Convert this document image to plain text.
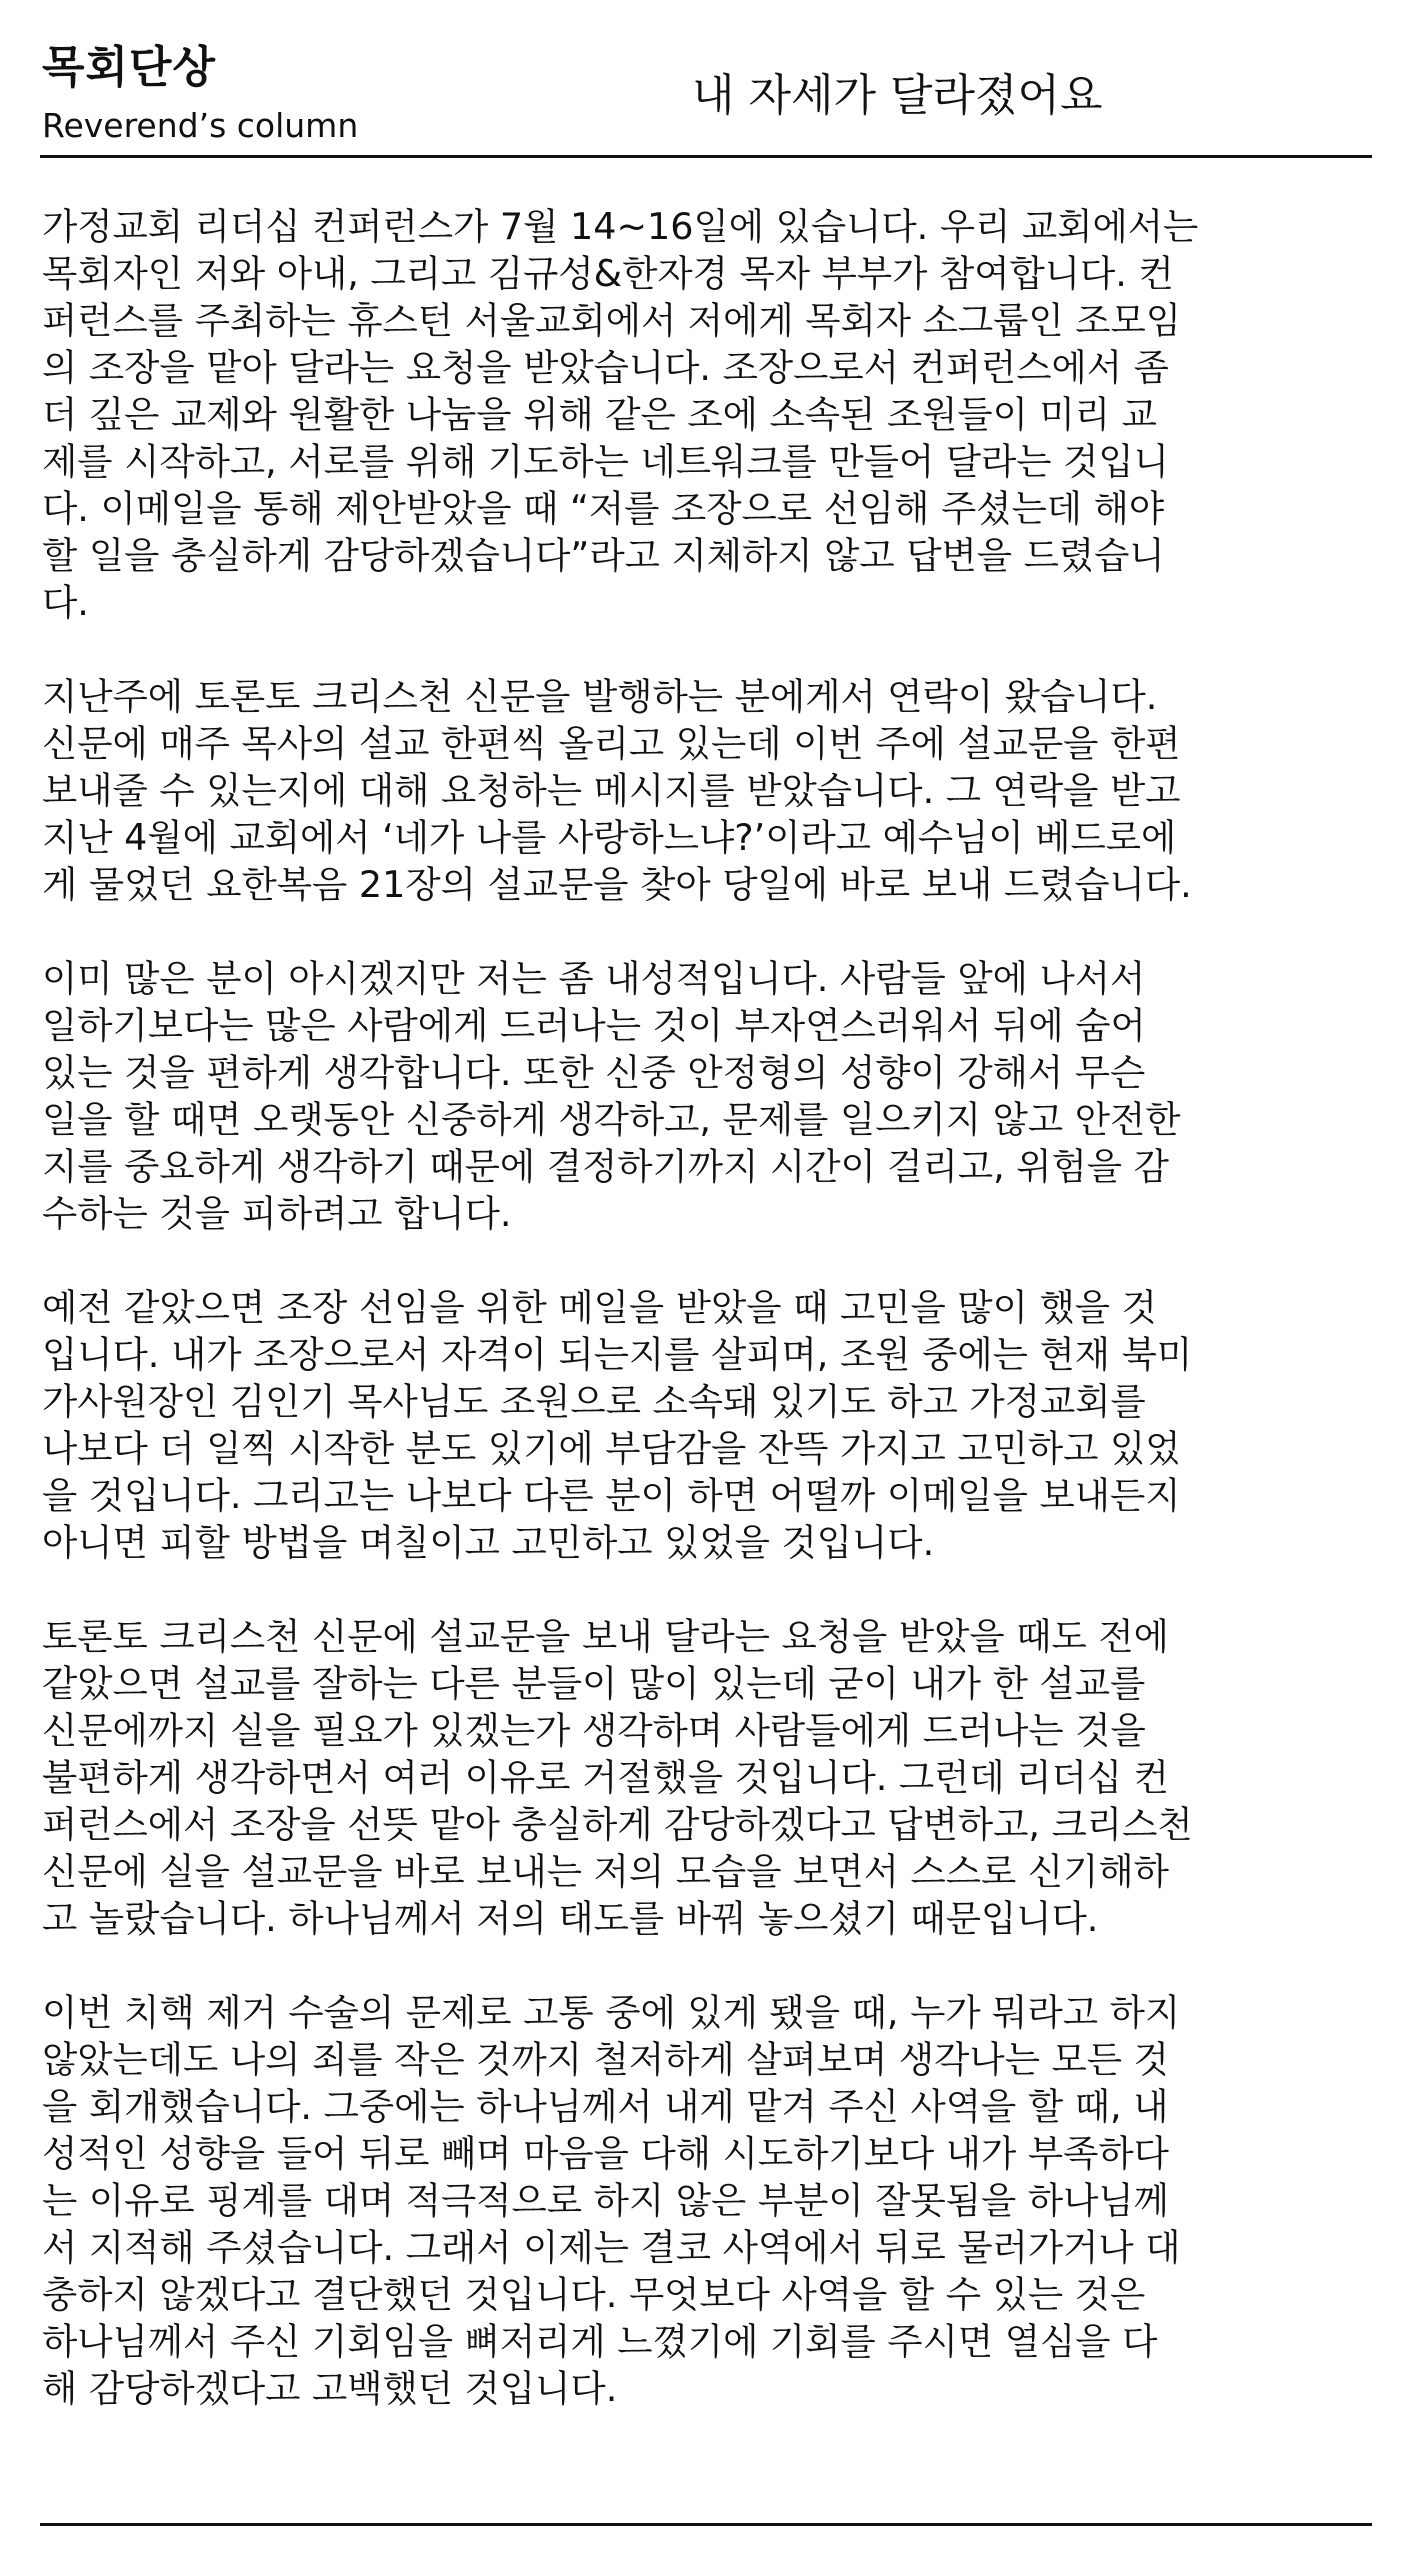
목회단상
Reverend’s column
내 자세가 달라졌어요
가정교회 리더십 컨퍼런스가 7월 14~16일에 있습니다. 우리 교회에서는
목회자인 저와 아내, 그리고 김규성&한자경 목자 부부가 참여합니다. 컨
퍼런스를 주최하는 휴스턴 서울교회에서 저에게 목회자 소그룹인 조모임
의 조장을 맡아 달라는 요청을 받았습니다. 조장으로서 컨퍼런스에서 좀
더 깊은 교제와 원활한 나눔을 위해 같은 조에 소속된 조원들이 미리 교
제를 시작하고, 서로를 위해 기도하는 네트워크를 만들어 달라는 것입니
다. 이메일을 통해 제안받았을 때 “저를 조장으로 선임해 주셨는데 해야
할 일을 충실하게 감당하겠습니다”라고 지체하지 않고 답변을 드렸습니
다.
지난주에 토론토 크리스천 신문을 발행하는 분에게서 연락이 왔습니다.
신문에 매주 목사의 설교 한편씩 올리고 있는데 이번 주에 설교문을 한편
보내줄 수 있는지에 대해 요청하는 메시지를 받았습니다. 그 연락을 받고
지난 4월에 교회에서 ‘네가 나를 사랑하느냐?’이라고 예수님이 베드로에
게 물었던 요한복음 21장의 설교문을 찾아 당일에 바로 보내 드렸습니다.
이미 많은 분이 아시겠지만 저는 좀 내성적입니다. 사람들 앞에 나서서
일하기보다는 많은 사람에게 드러나는 것이 부자연스러워서 뒤에 숨어
있는 것을 편하게 생각합니다. 또한 신중 안정형의 성향이 강해서 무슨
일을 할 때면 오랫동안 신중하게 생각하고, 문제를 일으키지 않고 안전한
지를 중요하게 생각하기 때문에 결정하기까지 시간이 걸리고, 위험을 감
수하는 것을 피하려고 합니다.
예전 같았으면 조장 선임을 위한 메일을 받았을 때 고민을 많이 했을 것
입니다. 내가 조장으로서 자격이 되는지를 살피며, 조원 중에는 현재 북미
가사원장인 김인기 목사님도 조원으로 소속돼 있기도 하고 가정교회를
나보다 더 일찍 시작한 분도 있기에 부담감을 잔뜩 가지고 고민하고 있었
을 것입니다. 그리고는 나보다 다른 분이 하면 어떨까 이메일을 보내든지
아니면 피할 방법을 며칠이고 고민하고 있었을 것입니다.
토론토 크리스천 신문에 설교문을 보내 달라는 요청을 받았을 때도 전에
같았으면 설교를 잘하는 다른 분들이 많이 있는데 굳이 내가 한 설교를
신문에까지 실을 필요가 있겠는가 생각하며 사람들에게 드러나는 것을
불편하게 생각하면서 여러 이유로 거절했을 것입니다. 그런데 리더십 컨
퍼런스에서 조장을 선뜻 맡아 충실하게 감당하겠다고 답변하고, 크리스천
신문에 실을 설교문을 바로 보내는 저의 모습을 보면서 스스로 신기해하
고 놀랐습니다. 하나님께서 저의 태도를 바꿔 놓으셨기 때문입니다.
이번 치핵 제거 수술의 문제로 고통 중에 있게 됐을 때, 누가 뭐라고 하지
않았는데도 나의 죄를 작은 것까지 철저하게 살펴보며 생각나는 모든 것
을 회개했습니다. 그중에는 하나님께서 내게 맡겨 주신 사역을 할 때, 내
성적인 성향을 들어 뒤로 빼며 마음을 다해 시도하기보다 내가 부족하다
는 이유로 핑계를 대며 적극적으로 하지 않은 부분이 잘못됨을 하나님께
서 지적해 주셨습니다. 그래서 이제는 결코 사역에서 뒤로 물러가거나 대
충하지 않겠다고 결단했던 것입니다. 무엇보다 사역을 할 수 있는 것은
하나님께서 주신 기회임을 뼈저리게 느꼈기에 기회를 주시면 열심을 다
해 감당하겠다고 고백했던 것입니다.
